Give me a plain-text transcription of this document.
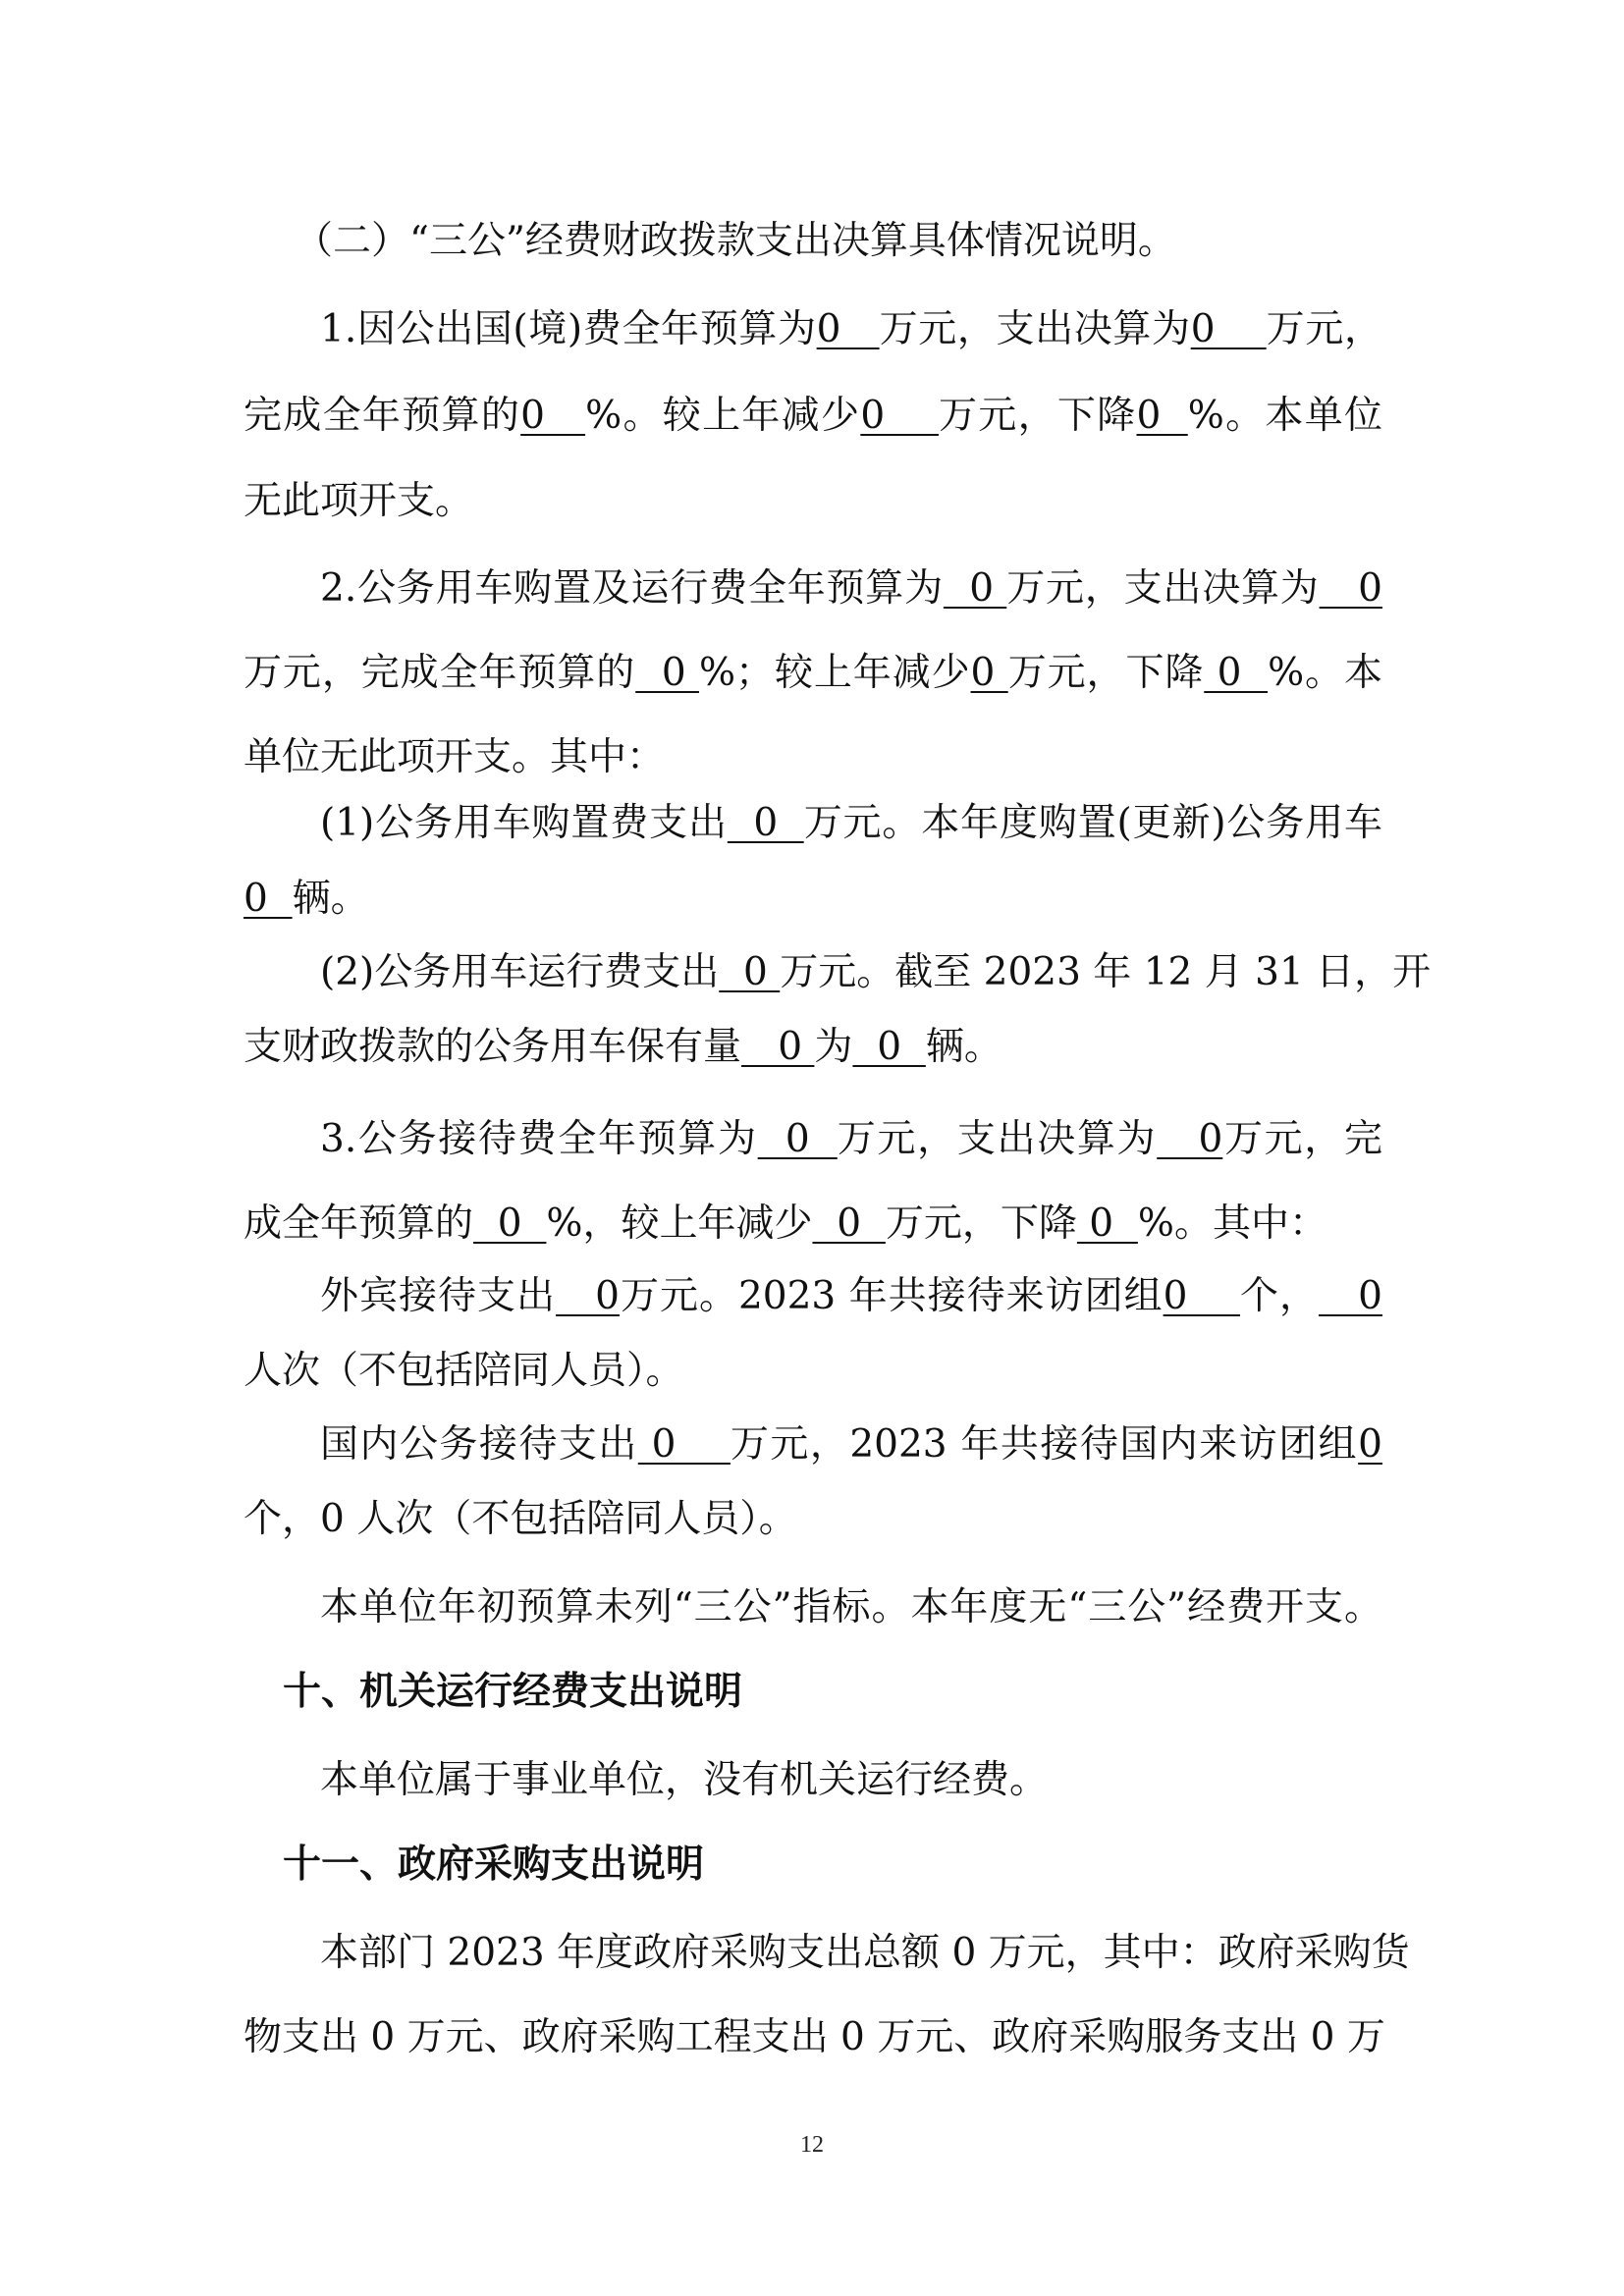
（二）“三公”经费财政拨款支出决算具体情况说明。
1.因公出国(境)费全年预算为0   万元，支出决算为0    万元，
完成全年预算的0   %。较上年减少0    万元，下降0  %。本单位
无此项开支。
2.公务用车购置及运行费全年预算为  0 万元，支出决算为   0
万元，完成全年预算的  0 %；较上年减少0 万元，下降 0  %。本
单位无此项开支。其中：
(1)公务用车购置费支出  0  万元。本年度购置(更新)公务用车
0  辆。
(2)公务用车运行费支出  0 万元。截至 2023 年 12 月 31 日，开
支财政拨款的公务用车保有量   0 为  0  辆。
3.公务接待费全年预算为  0  万元，支出决算为   0万元，完
成全年预算的  0  %，较上年减少  0  万元，下降 0  %。其中：
外宾接待支出   0万元。2023 年共接待来访团组0    个，   0
人次（不包括陪同人员）。
国内公务接待支出 0    万元，2023 年共接待国内来访团组0
个，0 人次（不包括陪同人员）。
本单位年初预算未列“三公”指标。本年度无“三公”经费开支。
十、机关运行经费支出说明
本单位属于事业单位，没有机关运行经费。
十一、政府采购支出说明
本部门 2023 年度政府采购支出总额 0 万元，其中：政府采购货
物支出 0 万元、政府采购工程支出 0 万元、政府采购服务支出 0 万
12
